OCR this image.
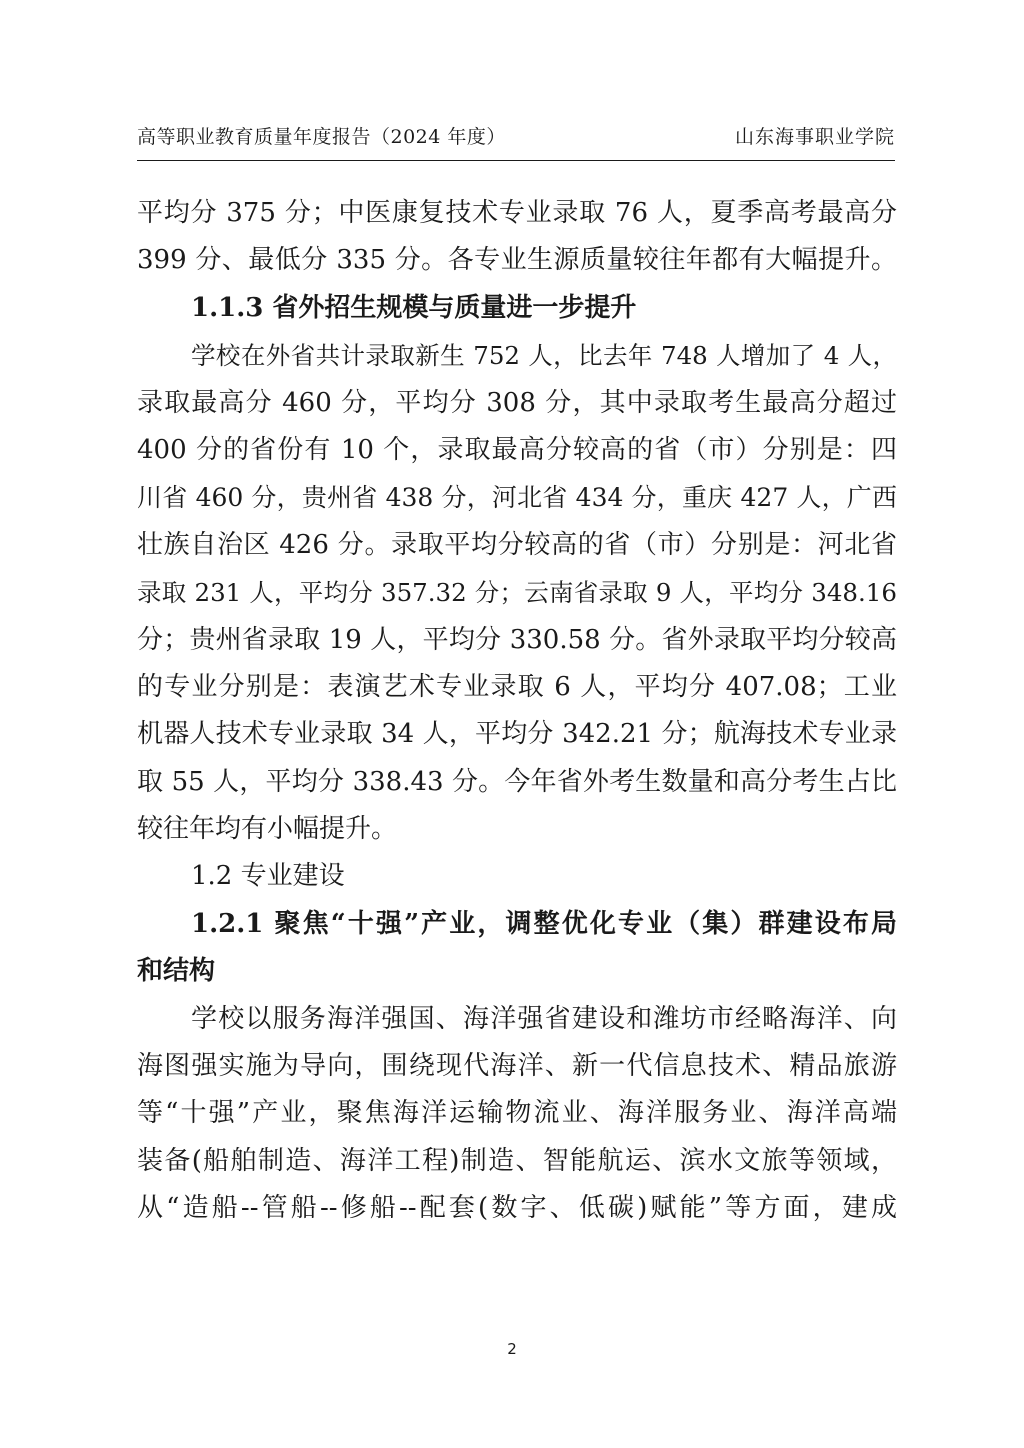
高等职业教育质量年度报告（2024 年度）	山东海事职业学院
平均分 375 分；中医康复技术专业录取 76 人，夏季高考最高分
399 分、最低分 335 分。各专业生源质量较往年都有大幅提升。
1.1.3 省外招生规模与质量进一步提升
学校在外省共计录取新生 752 人，比去年 748 人增加了 4 人，
录取最高分 460 分，平均分 308 分，其中录取考生最高分超过
400 分的省份有 10 个，录取最高分较高的省（市）分别是：四
川省 460 分，贵州省 438 分，河北省 434 分，重庆 427 人，广西
壮族自治区 426 分。录取平均分较高的省（市）分别是：河北省
录取 231 人，平均分 357.32 分；云南省录取 9 人，平均分 348.16
分；贵州省录取 19 人，平均分 330.58 分。省外录取平均分较高
的专业分别是：表演艺术专业录取 6 人，平均分 407.08；工业
机器人技术专业录取 34 人，平均分 342.21 分；航海技术专业录
取 55 人，平均分 338.43 分。今年省外考生数量和高分考生占比
较往年均有小幅提升。
1.2 专业建设
1.2.1 聚焦“十强”产业，调整优化专业（集）群建设布局
和结构
学校以服务海洋强国、海洋强省建设和潍坊市经略海洋、向
海图强实施为导向，围绕现代海洋、新一代信息技术、精品旅游
等“十强”产业，聚焦海洋运输物流业、海洋服务业、海洋高端
装备(船舶制造、海洋工程)制造、智能航运、滨水文旅等领域，
从“造船--管船--修船--配套(数字、低碳)赋能”等方面，建成
2
